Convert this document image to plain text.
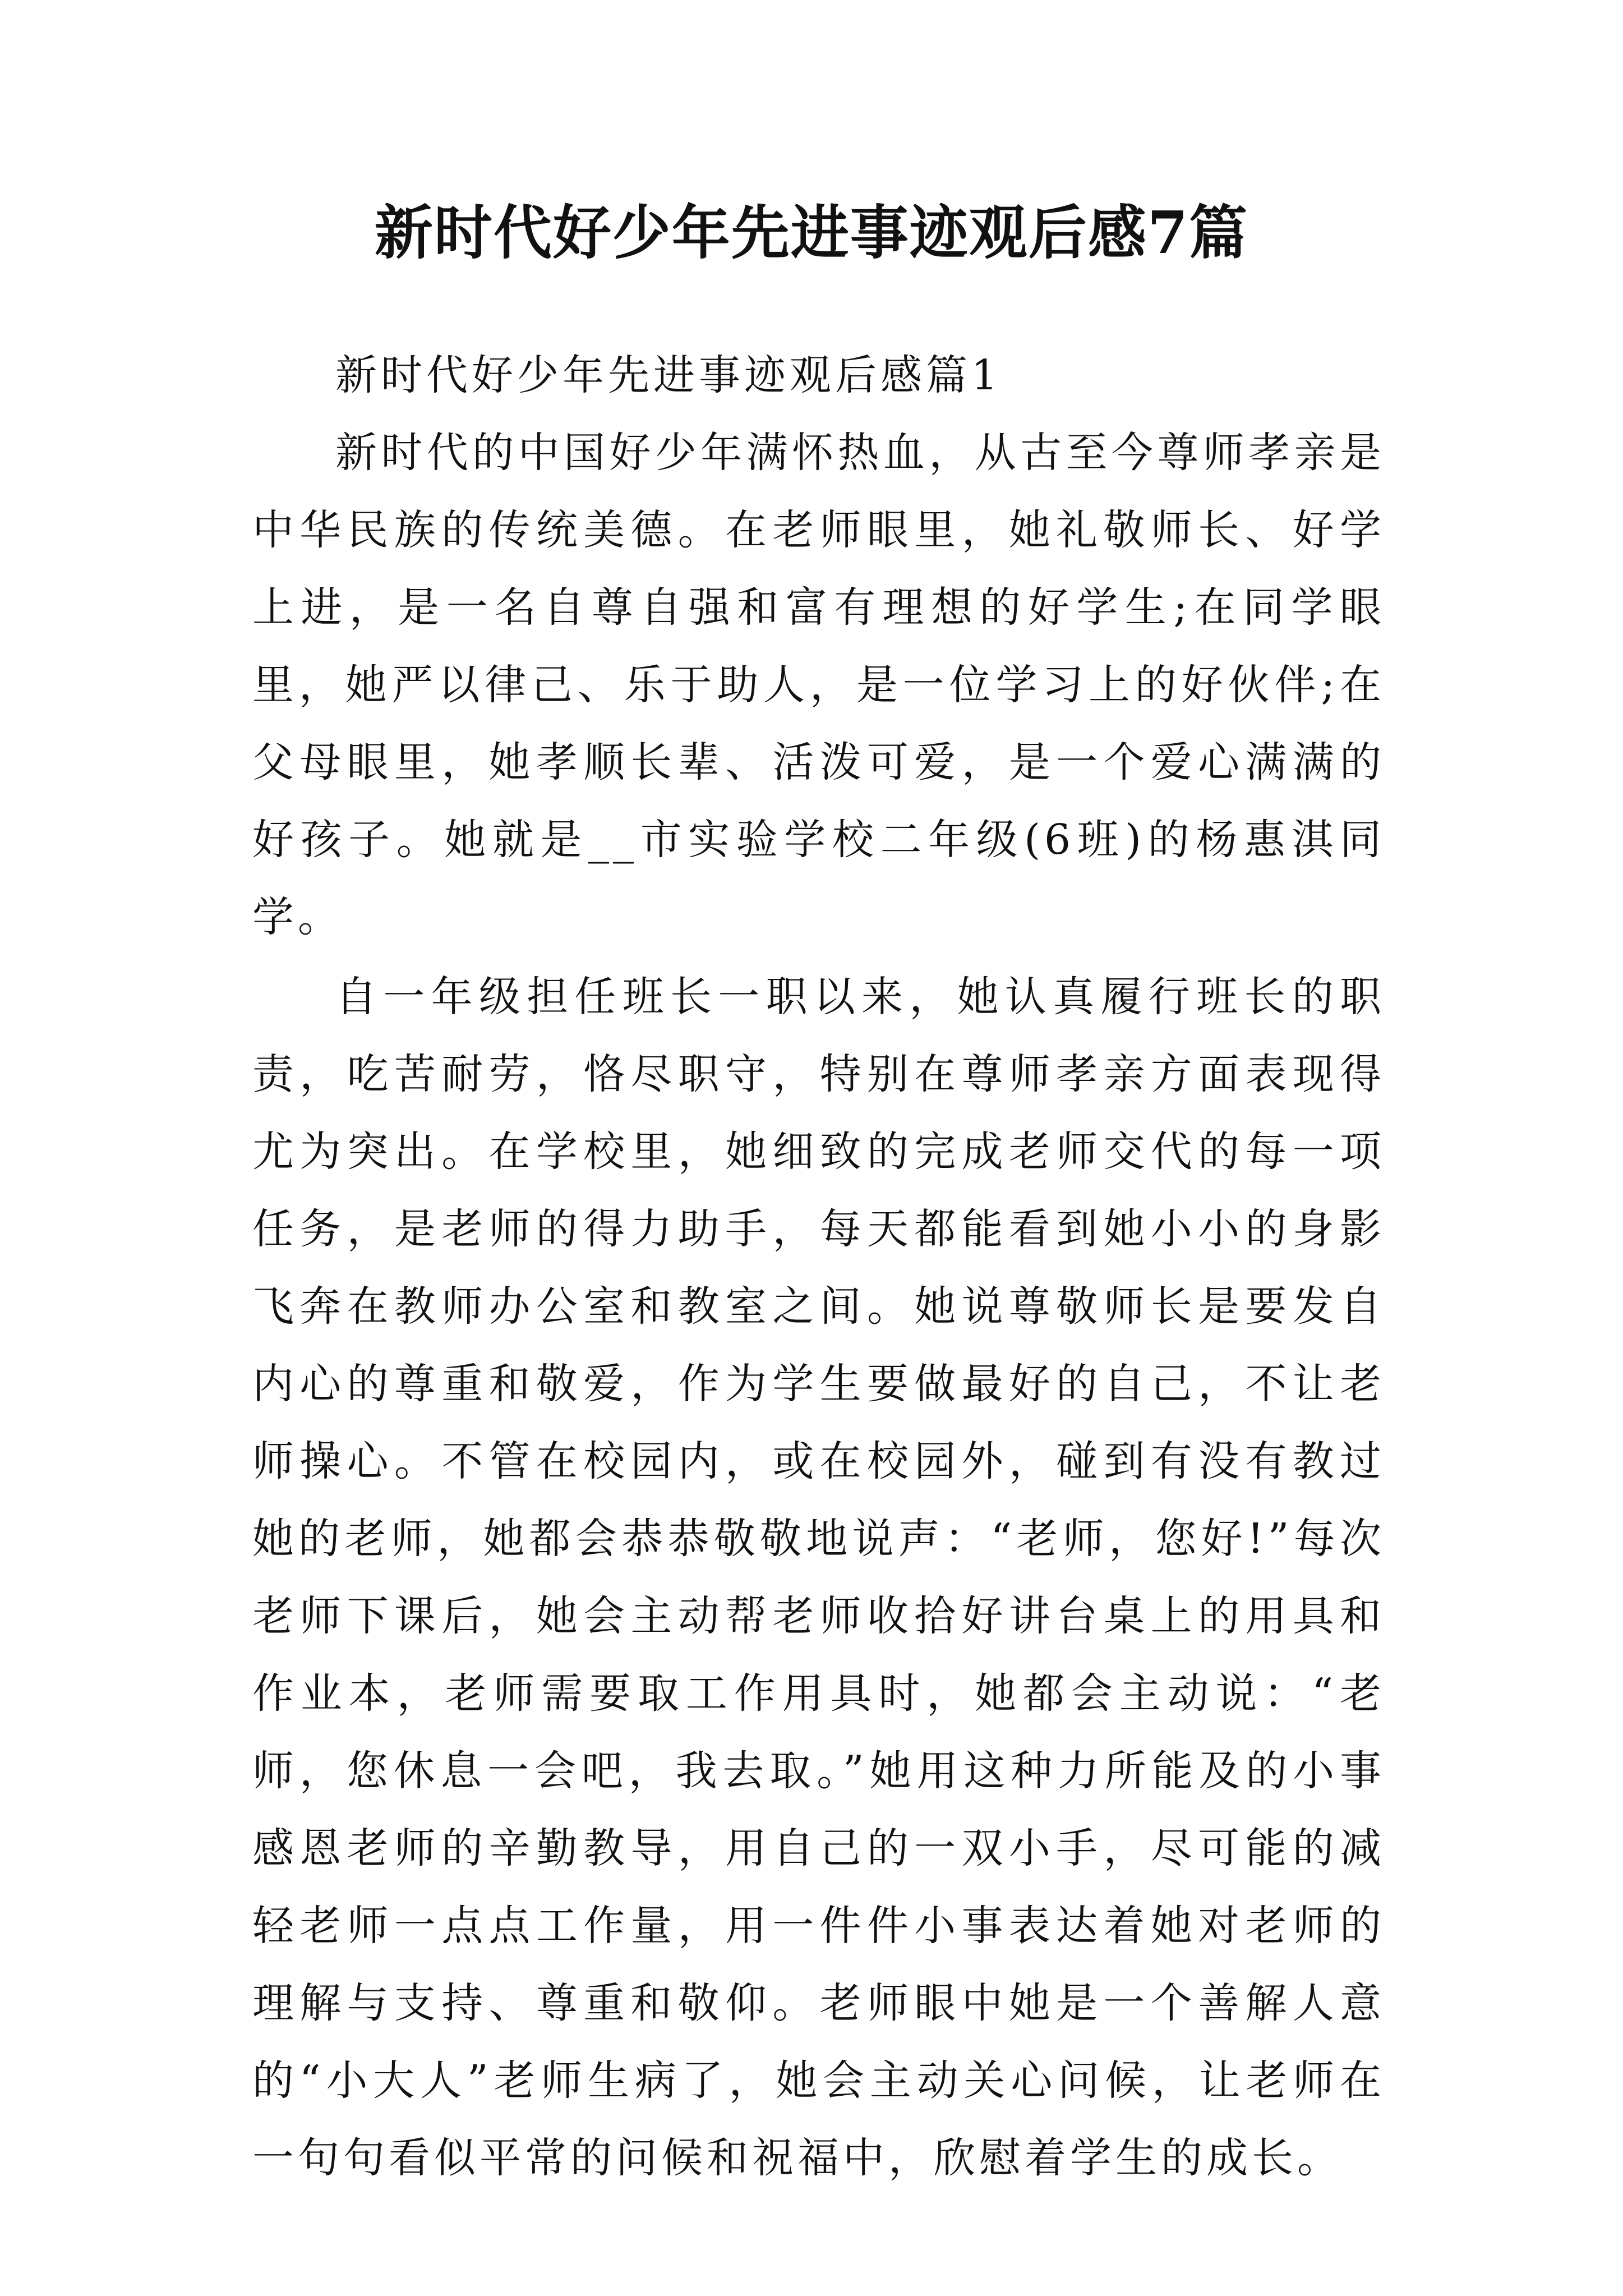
新时代好少年先进事迹观后感7篇

新时代好少年先进事迹观后感篇1

新时代的中国好少年满怀热血，从古至今尊师孝亲是中华民族的传统美德。在老师眼里，她礼敬师长、好学上进，是一名自尊自强和富有理想的好学生;在同学眼里，她严以律己、乐于助人，是一位学习上的好伙伴;在父母眼里，她孝顺长辈、活泼可爱，是一个爱心满满的好孩子。她就是__市实验学校二年级(6班)的杨惠淇同学。

自一年级担任班长一职以来，她认真履行班长的职责，吃苦耐劳，恪尽职守，特别在尊师孝亲方面表现得尤为突出。在学校里，她细致的完成老师交代的每一项任务，是老师的得力助手，每天都能看到她小小的身影飞奔在教师办公室和教室之间。她说尊敬师长是要发自内心的尊重和敬爱，作为学生要做最好的自己，不让老师操心。不管在校园内，或在校园外，碰到有没有教过她的老师，她都会恭恭敬敬地说声：“老师，您好!”每次老师下课后，她会主动帮老师收拾好讲台桌上的用具和作业本，老师需要取工作用具时，她都会主动说：“老师，您休息一会吧，我去取。”她用这种力所能及的小事感恩老师的辛勤教导，用自己的一双小手，尽可能的减轻老师一点点工作量，用一件件小事表达着她对老师的理解与支持、尊重和敬仰。老师眼中她是一个善解人意的“小大人”老师生病了，她会主动关心问候，让老师在一句句看似平常的问候和祝福中，欣慰着学生的成长。
